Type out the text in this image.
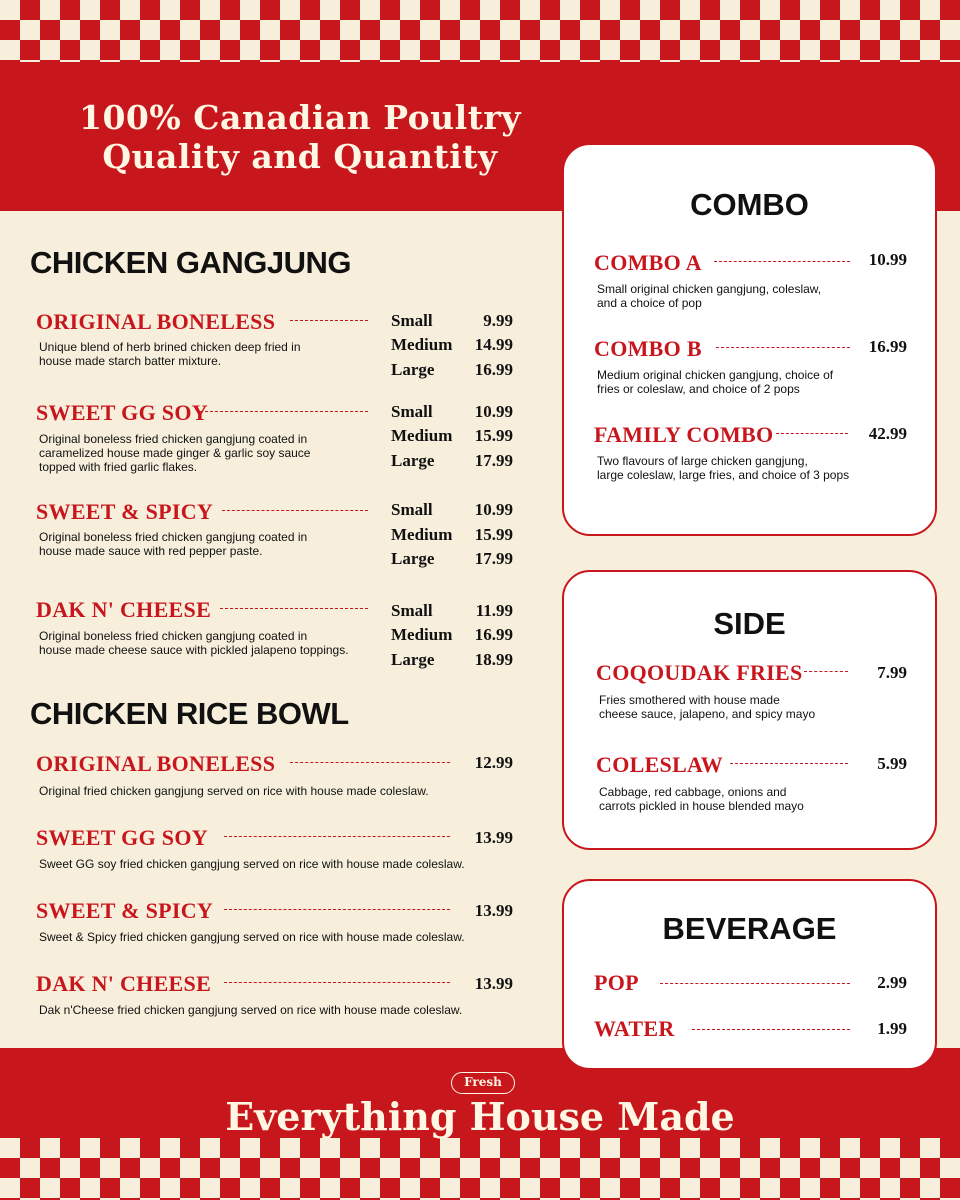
100% Canadian Poultry
Quality and Quantity
CHICKEN GANGJUNG
ORIGINAL BONELESS
Unique blend of herb brined chicken deep fried in
house made starch batter mixture.
Small	9.99
Medium	14.99
Large	16.99
SWEET GG SOY
Original boneless fried chicken gangjung coated in
caramelized house made ginger & garlic soy sauce
topped with fried garlic flakes.
Small	10.99
Medium	15.99
Large	17.99
SWEET & SPICY
Original boneless fried chicken gangjung coated in
house made sauce with red pepper paste.
Small	10.99
Medium	15.99
Large	17.99
DAK N' CHEESE
Original boneless fried chicken gangjung coated in
house made cheese sauce with pickled jalapeno toppings.
Small	11.99
Medium	16.99
Large	18.99
CHICKEN RICE BOWL
ORIGINAL BONELESS	12.99
Original fried chicken gangjung served on rice with house made coleslaw.
SWEET GG SOY	13.99
Sweet GG soy fried chicken gangjung served on rice with house made coleslaw.
SWEET & SPICY	13.99
Sweet & Spicy fried chicken gangjung served on rice with house made coleslaw.
DAK N' CHEESE	13.99
Dak n'Cheese fried chicken gangjung served on rice with house made coleslaw.
COMBO
COMBO A	10.99
Small original chicken gangjung, coleslaw,
and a choice of pop
COMBO B	16.99
Medium original chicken gangjung, choice of
fries or coleslaw, and choice of 2 pops
FAMILY COMBO	42.99
Two flavours of large chicken gangjung,
large coleslaw, large fries, and choice of 3 pops
SIDE
COQOUDAK FRIES	7.99
Fries smothered with house made
cheese sauce, jalapeno, and spicy mayo
COLESLAW	5.99
Cabbage, red cabbage, onions and
carrots pickled in house blended mayo
BEVERAGE
POP	2.99
WATER	1.99
Fresh
Everything House Made
